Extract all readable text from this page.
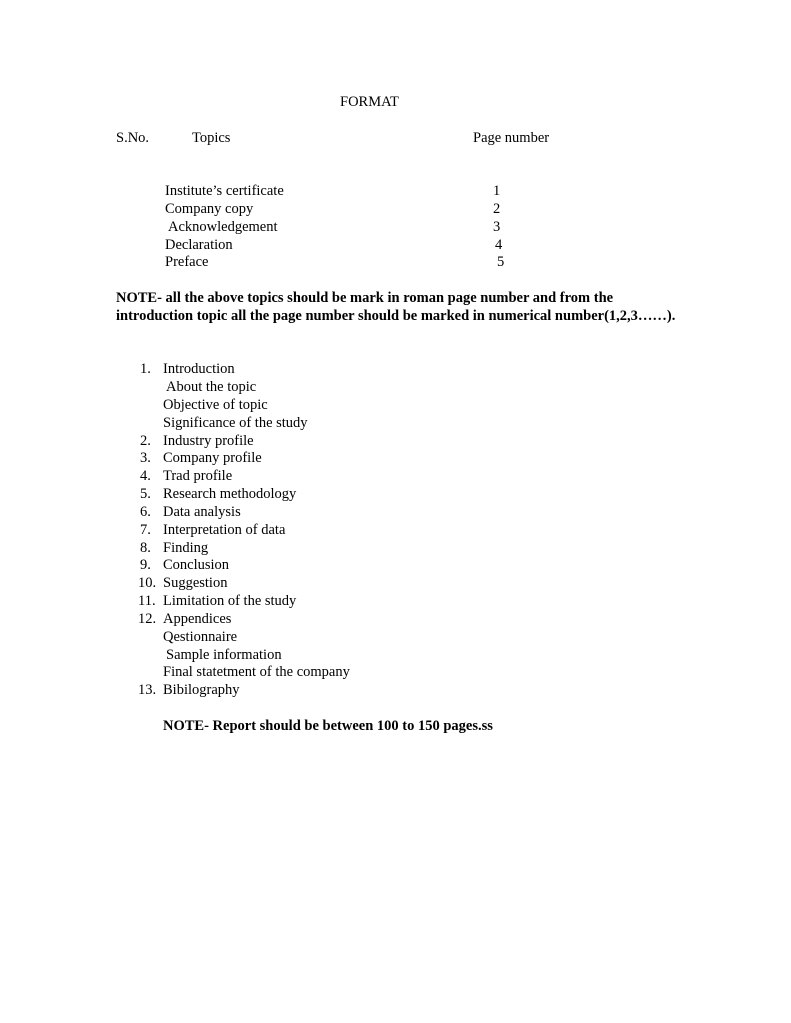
FORMAT
S.No.	Topics	Page number
Institute’s certificate	1
Company copy	2
Acknowledgement	3
Declaration	4
Preface	5
NOTE- all the above topics should be mark in roman page number and from the introduction topic all the page number should be marked in numerical number(1,2,3……).
1. Introduction
About the topic
Objective of topic
Significance of the study
2. Industry profile
3. Company profile
4. Trad profile
5. Research methodology
6. Data analysis
7. Interpretation of data
8. Finding
9. Conclusion
10. Suggestion
11. Limitation of the study
12. Appendices
Qestionnaire
Sample information
Final statetment of the company
13. Bibilography
NOTE- Report should be between 100 to 150 pages.ss
